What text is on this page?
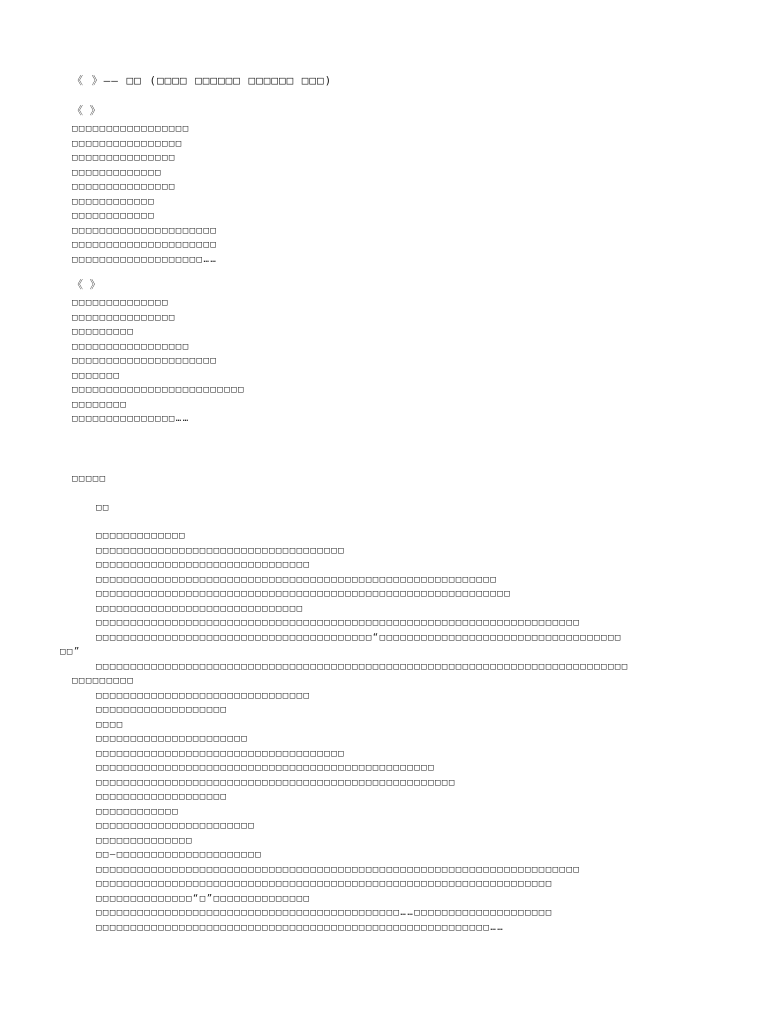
《 》—— □□ (□□□□ □□□□□□ □□□□□□ □□□)
《 》
□□□□□□□□□□□□□□□□□
□□□□□□□□□□□□□□□□
□□□□□□□□□□□□□□□
□□□□□□□□□□□□□
□□□□□□□□□□□□□□□
□□□□□□□□□□□□
□□□□□□□□□□□□
□□□□□□□□□□□□□□□□□□□□□
□□□□□□□□□□□□□□□□□□□□□
□□□□□□□□□□□□□□□□□□□……
《 》
□□□□□□□□□□□□□□
□□□□□□□□□□□□□□□
□□□□□□□□□
□□□□□□□□□□□□□□□□□
□□□□□□□□□□□□□□□□□□□□□
□□□□□□□
□□□□□□□□□□□□□□□□□□□□□□□□□
□□□□□□□□
□□□□□□□□□□□□□□□……
□□□□□
□□
□□□□□□□□□□□□□
□□□□□□□□□□□□□□□□□□□□□□□□□□□□□□□□□□□□
□□□□□□□□□□□□□□□□□□□□□□□□□□□□□□□
□□□□□□□□□□□□□□□□□□□□□□□□□□□□□□□□□□□□□□□□□□□□□□□□□□□□□□□□□□
□□□□□□□□□□□□□□□□□□□□□□□□□□□□□□□□□□□□□□□□□□□□□□□□□□□□□□□□□□□□
□□□□□□□□□□□□□□□□□□□□□□□□□□□□□□
□□□□□□□□□□□□□□□□□□□□□□□□□□□□□□□□□□□□□□□□□□□□□□□□□□□□□□□□□□□□□□□□□□□□□□
□□□□□□□□□□□□□□□□□□□□□□□□□□□□□□□□□□□□□□□□“□□□□□□□□□□□□□□□□□□□□□□□□□□□□□□□□□□□
□□”
□□□□□□□□□□□□□□□□□□□□□□□□□□□□□□□□□□□□□□□□□□□□□□□□□□□□□□□□□□□□□□□□□□□□□□□□□□□□□
□□□□□□□□□
□□□□□□□□□□□□□□□□□□□□□□□□□□□□□□□
□□□□□□□□□□□□□□□□□□□
□□□□
□□□□□□□□□□□□□□□□□□□□□□
□□□□□□□□□□□□□□□□□□□□□□□□□□□□□□□□□□□□
□□□□□□□□□□□□□□□□□□□□□□□□□□□□□□□□□□□□□□□□□□□□□□□□□
□□□□□□□□□□□□□□□□□□□□□□□□□□□□□□□□□□□□□□□□□□□□□□□□□□□□
□□□□□□□□□□□□□□□□□□□
□□□□□□□□□□□□
□□□□□□□□□□□□□□□□□□□□□□□
□□□□□□□□□□□□□□
□□—□□□□□□□□□□□□□□□□□□□□□
□□□□□□□□□□□□□□□□□□□□□□□□□□□□□□□□□□□□□□□□□□□□□□□□□□□□□□□□□□□□□□□□□□□□□□
□□□□□□□□□□□□□□□□□□□□□□□□□□□□□□□□□□□□□□□□□□□□□□□□□□□□□□□□□□□□□□□□□□
□□□□□□□□□□□□□□“□”□□□□□□□□□□□□□□
□□□□□□□□□□□□□□□□□□□□□□□□□□□□□□□□□□□□□□□□□□□□……□□□□□□□□□□□□□□□□□□□□
□□□□□□□□□□□□□□□□□□□□□□□□□□□□□□□□□□□□□□□□□□□□□□□□□□□□□□□□□……
